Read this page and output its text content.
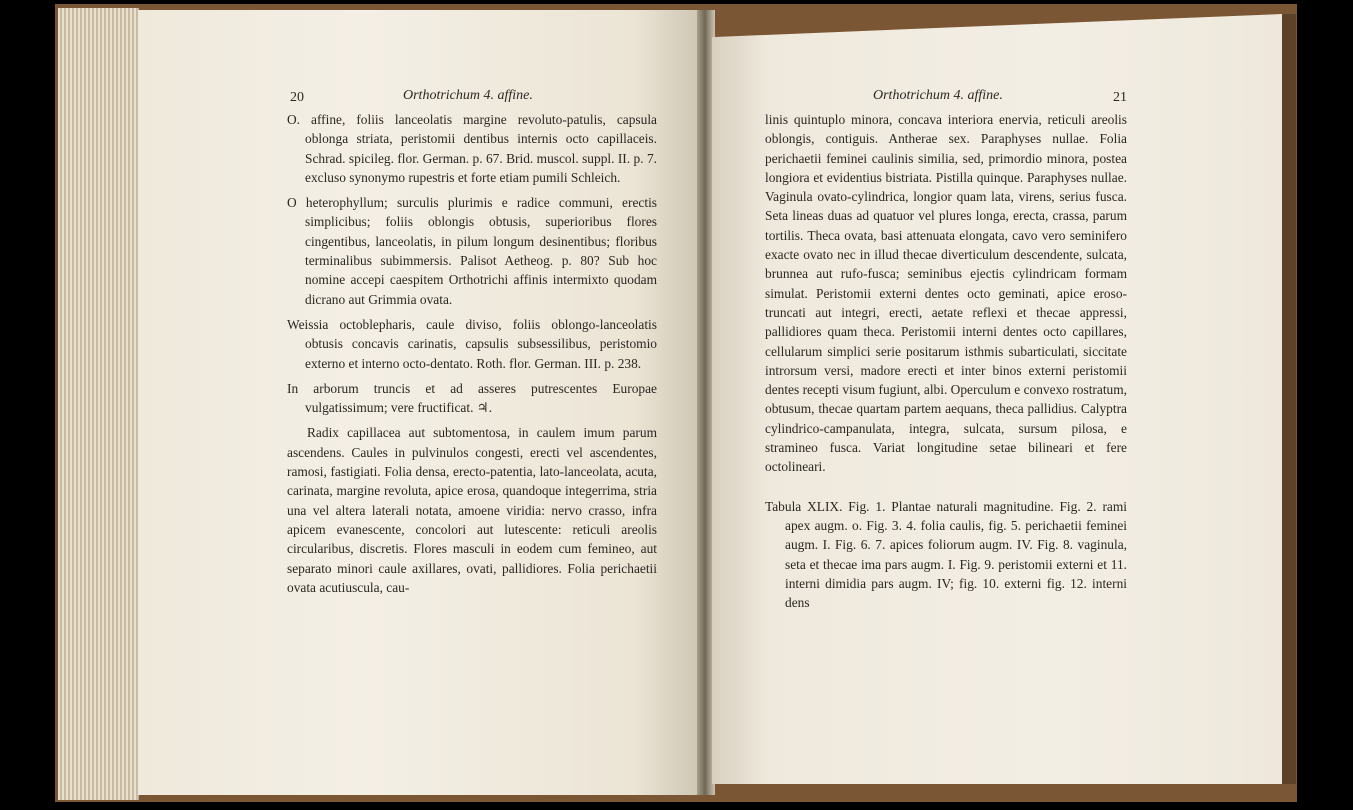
20	Orthotrichum 4. affine.

O. affine, foliis lanceolatis margine revoluto-patulis, capsula oblonga striata, peristomii dentibus internis octo capillaceis. Schrad. spicileg. flor. German. p. 67. Brid. muscol. suppl. II. p. 7. excluso synonymo rupestris et forte etiam pumili Schleich.

O heterophyllum; surculis plurimis e radice communi, erectis simplicibus; foliis oblongis obtusis, superioribus flores cingentibus, lanceolatis, in pilum longum desinentibus; floribus terminalibus subimmersis. Palisot Aetheog. p. 80? Sub hoc nomine accepi caespitem Orthotrichi affinis intermixto quodam dicrano aut Grimmia ovata.

Weissia octoblepharis, caule diviso, foliis oblongo-lanceolatis obtusis concavis carinatis, capsulis subsessilibus, peristomio externo et interno octo-dentato. Roth. flor. German. III. p. 238.

In arborum truncis et ad asseres putrescentes Europae vulgatissimum; vere fructificat. ♃.

Radix capillacea aut subtomentosa, in caulem imum parum ascendens. Caules in pulvinulos congesti, erecti vel ascendentes, ramosi, fastigiati. Folia densa, erecto-patentia, lato-lanceolata, acuta, carinata, margine revoluta, apice erosa, quandoque integerrima, stria una vel altera laterali notata, amoene viridia: nervo crasso, infra apicem evanescente, concolori aut lutescente: reticuli areolis circularibus, discretis. Flores masculi in eodem cum femineo, aut separato minori caule axillares, ovati, pallidiores. Folia perichaetii ovata acutiuscula, cau-

Orthotrichum 4. affine.	21

linis quintuplo minora, concava interiora enervia, reticuli areolis oblongis, contiguis. Antherae sex. Paraphyses nullae. Folia perichaetii feminei caulinis similia, sed, primordio minora, postea longiora et evidentius bistriata. Pistilla quinque. Paraphyses nullae. Vaginula ovato-cylindrica, longior quam lata, virens, serius fusca. Seta lineas duas ad quatuor vel plures longa, erecta, crassa, parum tortilis. Theca ovata, basi attenuata elongata, cavo vero seminifero exacte ovato nec in illud thecae diverticulum descendente, sulcata, brunnea aut rufo-fusca; seminibus ejectis cylindricam formam simulat. Peristomii externi dentes octo geminati, apice eroso-truncati aut integri, erecti, aetate reflexi et thecae appressi, pallidiores quam theca. Peristomii interni dentes octo capillares, cellularum simplici serie positarum isthmis subarticulati, siccitate introrsum versi, madore erecti et inter binos externi peristomii dentes recepti visum fugiunt, albi. Operculum e convexo rostratum, obtusum, thecae quartam partem aequans, theca pallidius. Calyptra cylindrico-campanulata, integra, sulcata, sursum pilosa, e stramineo fusca. Variat longitudine setae bilineari et fere octolineari.

Tabula XLIX. Fig. 1. Plantae naturali magnitudine. Fig. 2. rami apex augm. o. Fig. 3. 4. folia caulis, fig. 5. perichaetii feminei augm. I. Fig. 6. 7. apices foliorum augm. IV. Fig. 8. vaginula, seta et thecae ima pars augm. I. Fig. 9. peristomii externi et 11. interni dimidia pars augm. IV; fig. 10. externi fig. 12. interni dens
